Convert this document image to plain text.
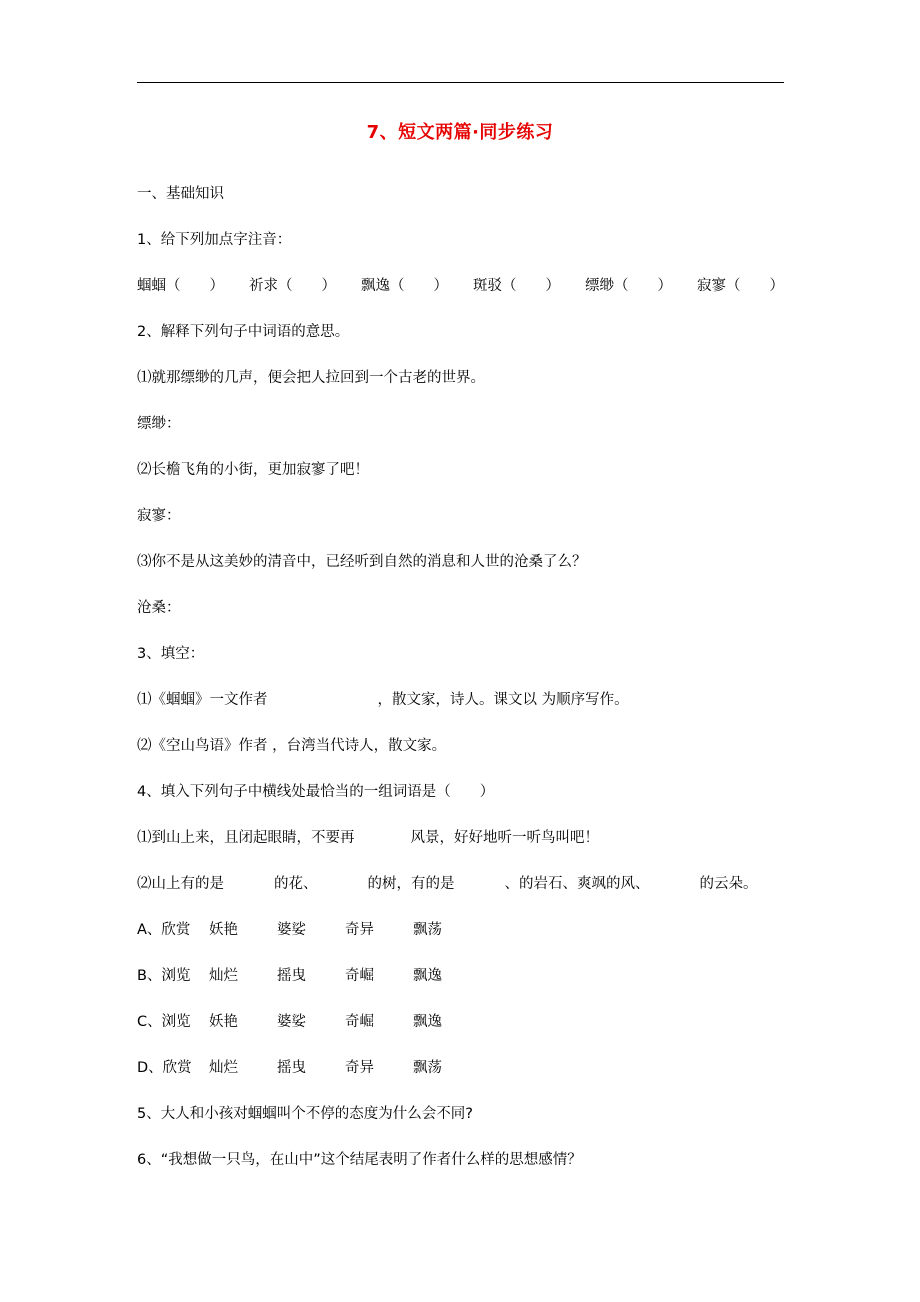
7、短文两篇·同步练习
一、基础知识
1、给下列加点字注音：
蝈蝈（　　） 祈求（　　） 飘逸（　　） 斑驳（　　） 缥缈（　　） 寂寥（　　）
2、解释下列句子中词语的意思。
⑴就那缥缈的几声，便会把人拉回到一个古老的世界。
缥缈：
⑵长檐飞角的小街，更加寂寥了吧！
寂寥：
⑶你不是从这美妙的清音中，已经听到自然的消息和人世的沧桑了么？
沧桑：
3、填空：
⑴《蝈蝈》一文作者	，散文家，诗人。课文以 为顺序写作。
⑵《空山鸟语》作者 ，台湾当代诗人，散文家。
4、填入下列句子中横线处最恰当的一组词语是（　　）
⑴到山上来，且闭起眼睛，不要再	风景，好好地听一听鸟叫吧！
⑵山上有的是	的花、	的树，有的是	、的岩石、爽飒的风、	的云朵。
A、欣赏	妖艳	婆娑	奇异	飘荡
B、浏览	灿烂	摇曳	奇崛	飘逸
C、浏览	妖艳	婆娑	奇崛	飘逸
D、欣赏	灿烂	摇曳	奇异	飘荡
5、大人和小孩对蝈蝈叫个不停的态度为什么会不同?
6、“我想做一只鸟，在山中”这个结尾表明了作者什么样的思想感情？
